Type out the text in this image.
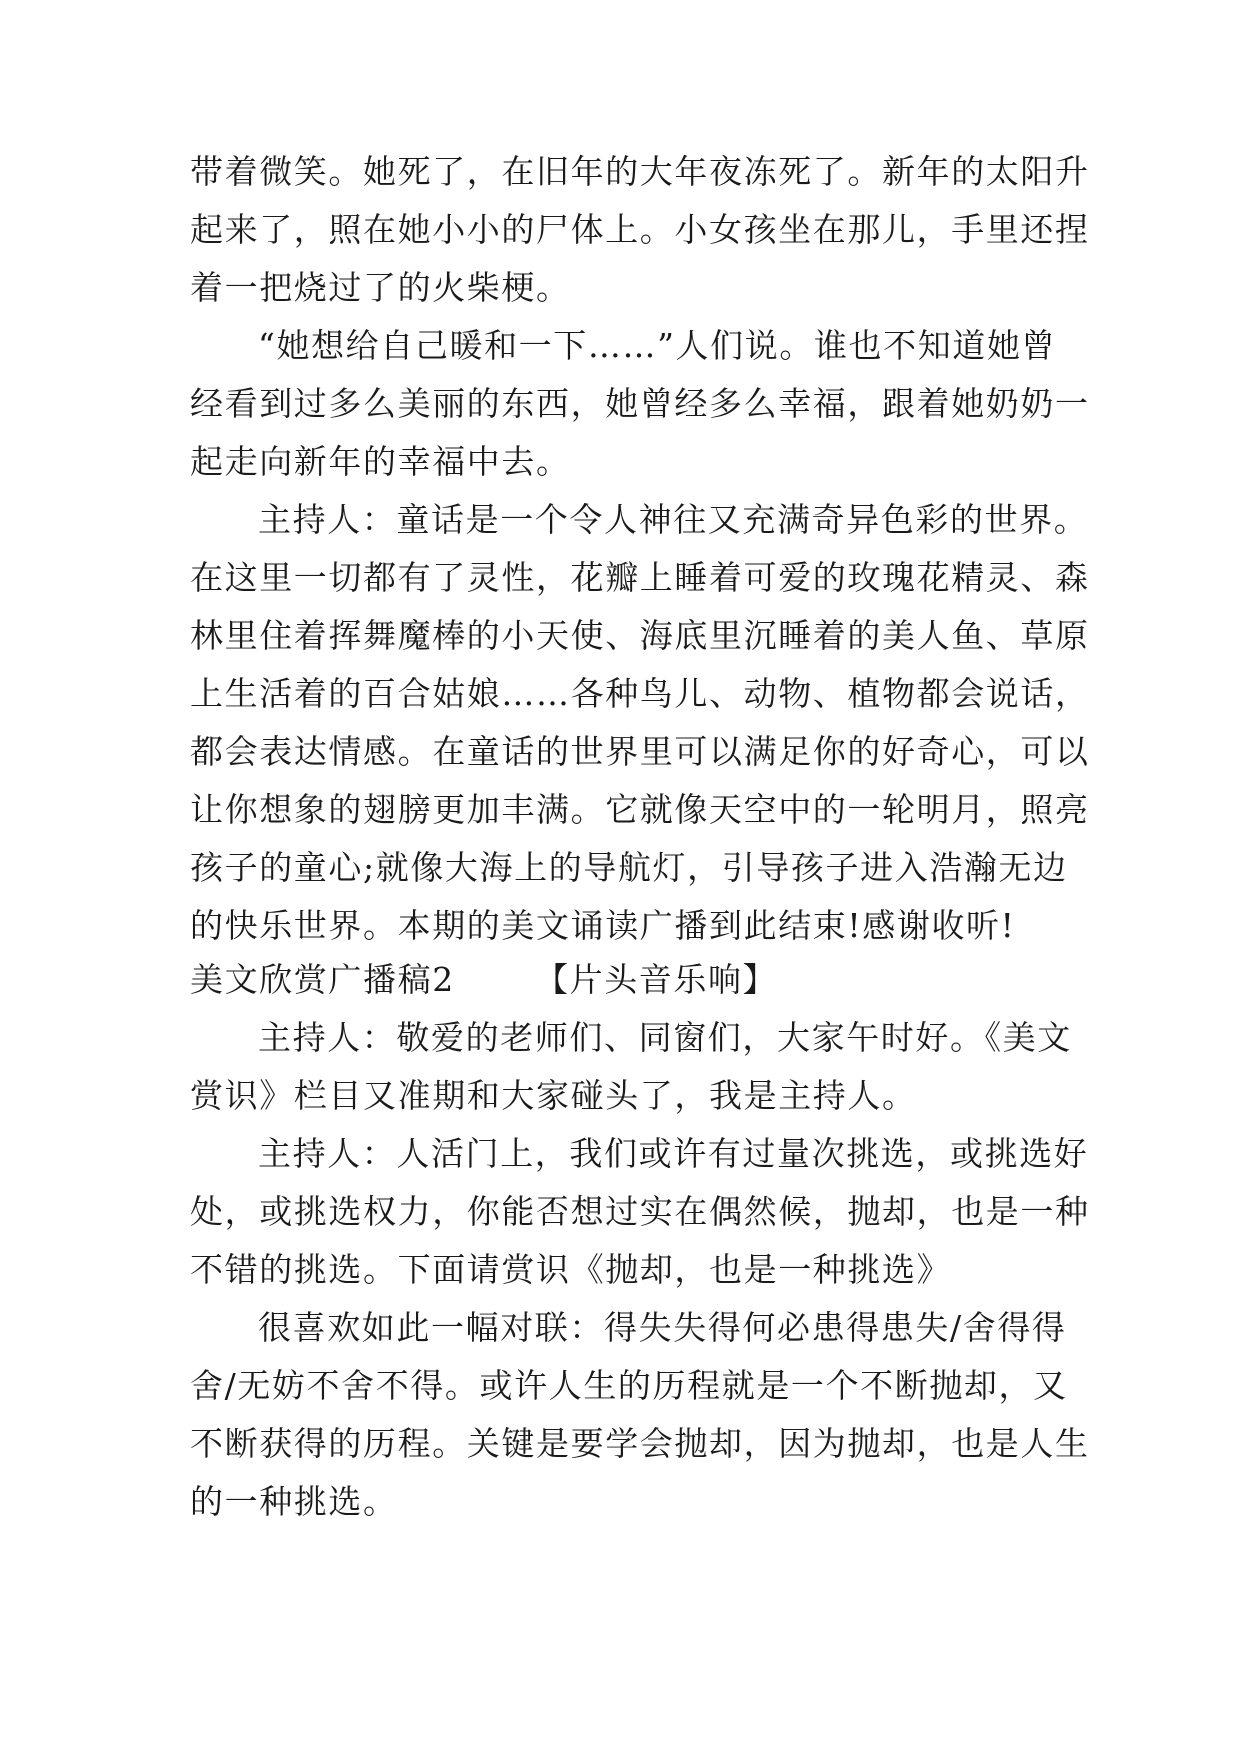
带着微笑。她死了，在旧年的大年夜冻死了。新年的太阳升
起来了，照在她小小的尸体上。小女孩坐在那儿，手里还捏
着一把烧过了的火柴梗。
“她想给自己暖和一下……”人们说。谁也不知道她曾
经看到过多么美丽的东西，她曾经多么幸福，跟着她奶奶一
起走向新年的幸福中去。
主持人：童话是一个令人神往又充满奇异色彩的世界。
在这里一切都有了灵性，花瓣上睡着可爱的玫瑰花精灵、森
林里住着挥舞魔棒的小天使、海底里沉睡着的美人鱼、草原
上生活着的百合姑娘……各种鸟儿、动物、植物都会说话，
都会表达情感。在童话的世界里可以满足你的好奇心，可以
让你想象的翅膀更加丰满。它就像天空中的一轮明月，照亮
孩子的童心;就像大海上的导航灯，引导孩子进入浩瀚无边
的快乐世界。本期的美文诵读广播到此结束!感谢收听!
美文欣赏广播稿2 【片头音乐响】
主持人：敬爱的老师们、同窗们，大家午时好。《美文
赏识》栏目又准期和大家碰头了，我是主持人。
主持人：人活门上，我们或许有过量次挑选，或挑选好
处，或挑选权力，你能否想过实在偶然候，抛却，也是一种
不错的挑选。下面请赏识《抛却，也是一种挑选》
很喜欢如此一幅对联：得失失得何必患得患失/舍得得
舍/无妨不舍不得。或许人生的历程就是一个不断抛却，又
不断获得的历程。关键是要学会抛却，因为抛却，也是人生
的一种挑选。
